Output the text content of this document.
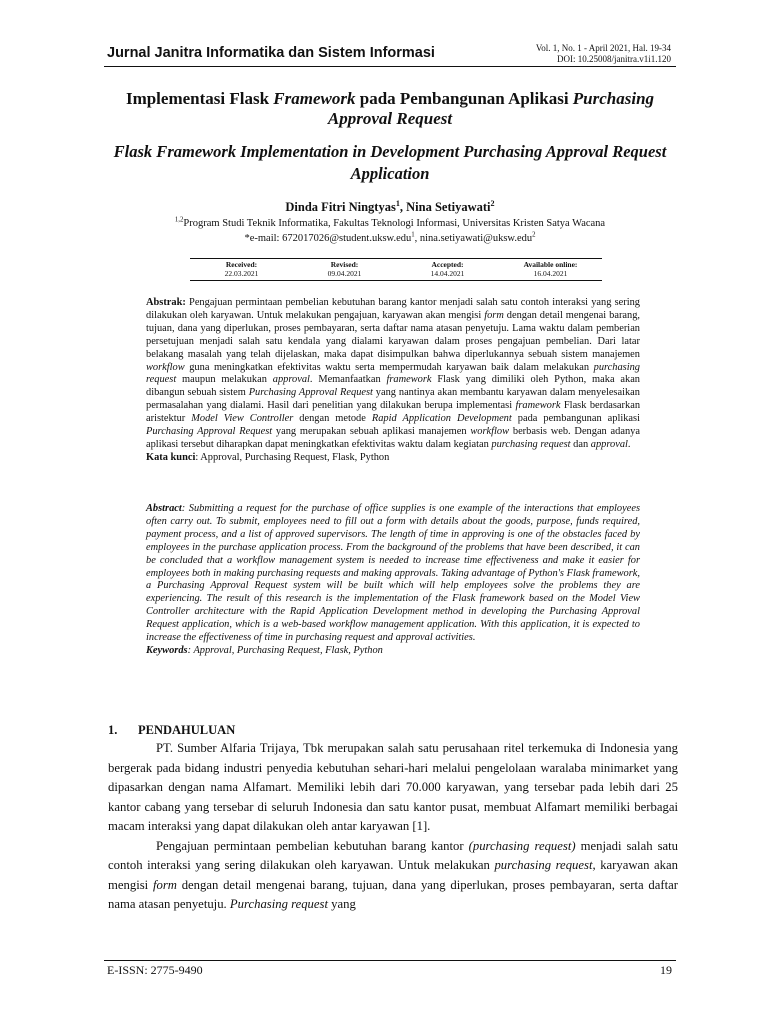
Jurnal Janitra Informatika dan Sistem Informasi	Vol. 1, No. 1 - April 2021, Hal. 19-34
DOI: 10.25008/janitra.v1i1.120
Implementasi Flask Framework pada Pembangunan Aplikasi Purchasing Approval Request
Flask Framework Implementation in Development Purchasing Approval Request Application
Dinda Fitri Ningtyas$^1$, Nina Setiyawati$^2$
$^{1,2}$Program Studi Teknik Informatika, Fakultas Teknologi Informasi, Universitas Kristen Satya Wacana
*e-mail: 672017026@student.uksw.edu$^1$, nina.setiyawati@uksw.edu$^2$
Received:	Revised:	Accepted:	Available online:
22.03.2021	09.04.2021	14.04.2021	16.04.2021

Abstrak: Pengajuan permintaan pembelian kebutuhan barang kantor menjadi salah satu contoh interaksi yang sering dilakukan oleh karyawan. Untuk melakukan pengajuan, karyawan akan mengisi form dengan detail mengenai barang, tujuan, dana yang diperlukan, proses pembayaran, serta daftar nama atasan penyetuju. Lama waktu dalam pemberian persetujuan menjadi salah satu kendala yang dialami karyawan dalam proses pengajuan pembelian. Dari latar belakang masalah yang telah dijelaskan, maka dapat disimpulkan bahwa diperlukannya sebuah sistem manajemen workflow guna meningkatkan efektivitas waktu serta mempermudah karyawan baik dalam melakukan purchasing request maupun melakukan approval. Memanfaatkan framework Flask yang dimiliki oleh Python, maka akan dibangun sebuah sistem Purchasing Approval Request yang nantinya akan membantu karyawan dalam menyelesaikan permasalahan yang dialami. Hasil dari penelitian yang dilakukan berupa implementasi framework Flask berdasarkan aristektur Model View Controller dengan metode Rapid Application Development pada pembangunan aplikasi Purchasing Approval Request yang merupakan sebuah aplikasi manajemen workflow berbasis web. Dengan adanya aplikasi tersebut diharapkan dapat meningkatkan efektivitas waktu dalam kegiatan purchasing request dan approval.

Kata kunci: Approval, Purchasing Request, Flask, Python

Abstract: Submitting a request for the purchase of office supplies is one example of the interactions that employees often carry out. To submit, employees need to fill out a form with details about the goods, purpose, funds required, payment process, and a list of approved supervisors. The length of time in approving is one of the obstacles faced by employees in the purchase application process. From the background of the problems that have been described, it can be concluded that a workflow management system is needed to increase time effectiveness and make it easier for employees both in making purchasing requests and making approvals. Taking advantage of Python's Flask framework, a Purchasing Approval Request system will be built which will help employees solve the problems they are experiencing. The result of this research is the implementation of the Flask framework based on the Model View Controller architecture with the Rapid Application Development method in developing the Purchasing Approval Request application, which is a web-based workflow management application. With this application, it is expected to increase the effectiveness of time in purchasing request and approval activities.

Keywords: Approval, Purchasing Request, Flask, Python

1. PENDAHULUAN

PT. Sumber Alfaria Trijaya, Tbk merupakan salah satu perusahaan ritel terkemuka di Indonesia yang bergerak pada bidang industri penyedia kebutuhan sehari-hari melalui pengelolaan waralaba minimarket yang dipasarkan dengan nama Alfamart. Memiliki lebih dari 70.000 karyawan, yang tersebar pada lebih dari 25 kantor cabang yang tersebar di seluruh Indonesia dan satu kantor pusat, membuat Alfamart memiliki berbagai macam interaksi yang dapat dilakukan oleh antar karyawan [1].

Pengajuan permintaan pembelian kebutuhan barang kantor (purchasing request) menjadi salah satu contoh interaksi yang sering dilakukan oleh karyawan. Untuk melakukan purchasing request, karyawan akan mengisi form dengan detail mengenai barang, tujuan, dana yang diperlukan, proses pembayaran, serta daftar nama atasan penyetuju. Purchasing request yang

E-ISSN: 2775-9490	19
